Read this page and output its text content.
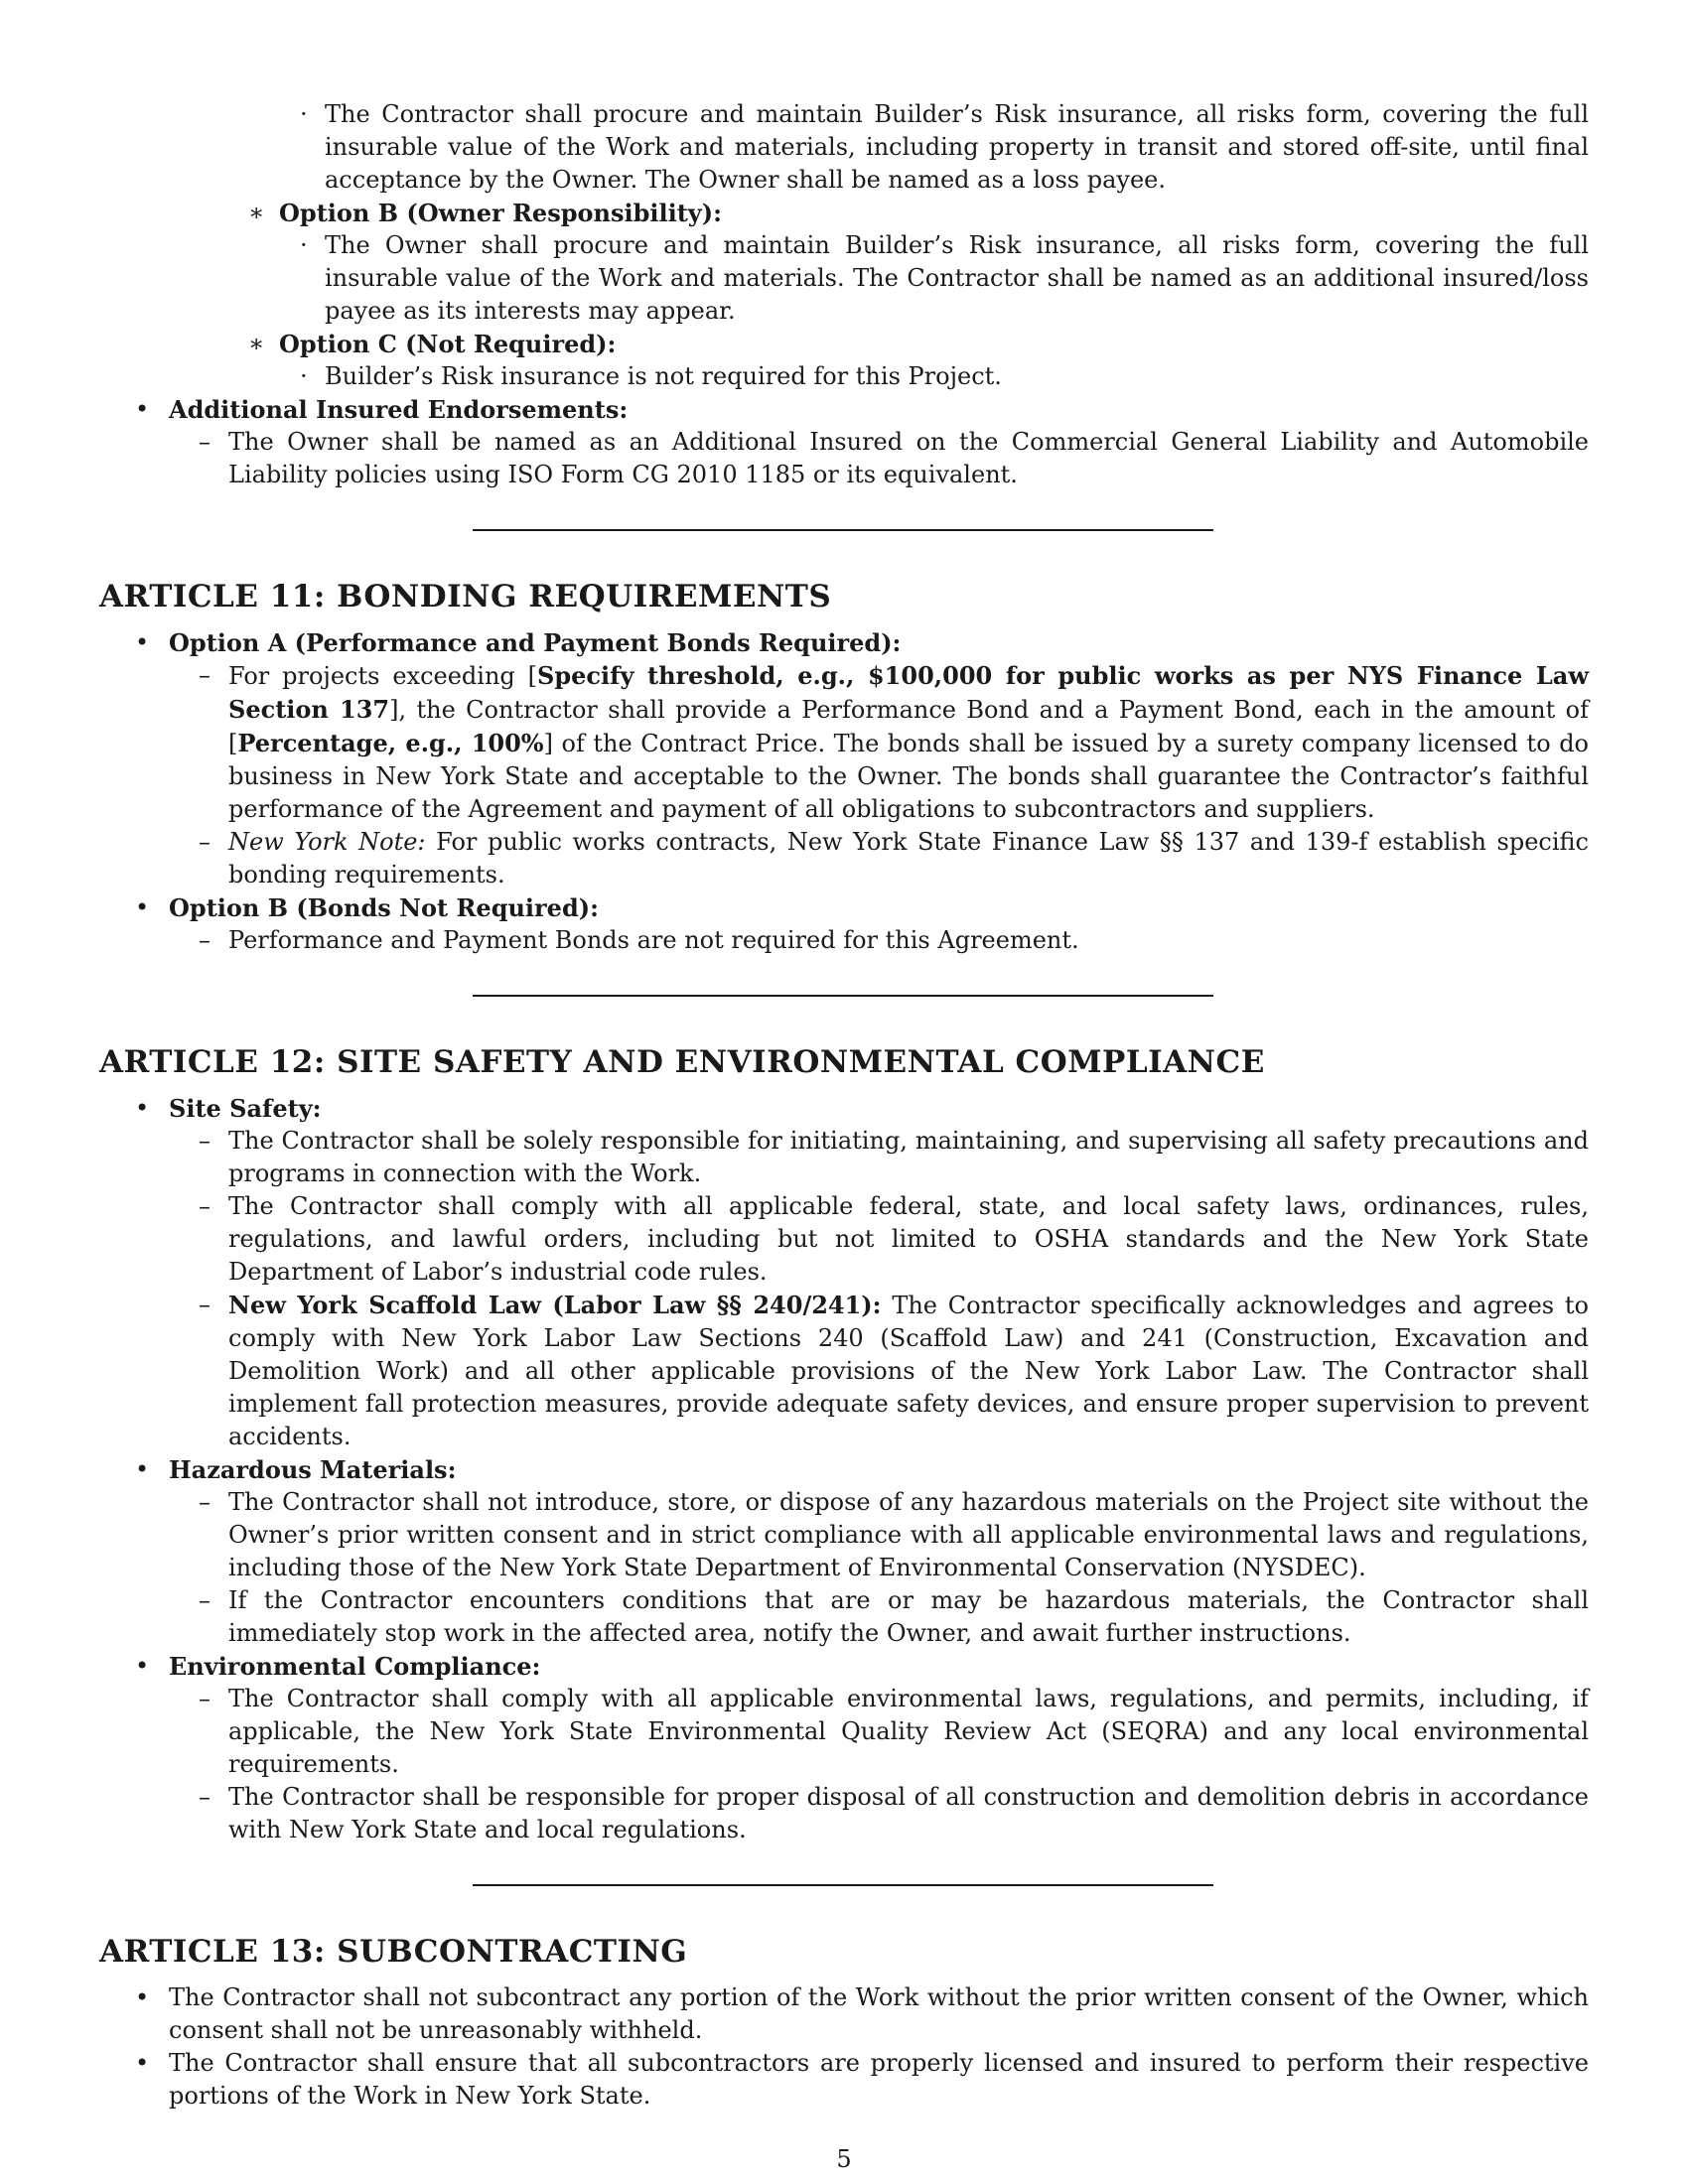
· The Contractor shall procure and maintain Builder’s Risk insurance, all risks form, covering the full insurable value of the Work and materials, including property in transit and stored off-site, until final acceptance by the Owner. The Owner shall be named as a loss payee.

∗ Option B (Owner Responsibility):

· The Owner shall procure and maintain Builder’s Risk insurance, all risks form, covering the full insurable value of the Work and materials. The Contractor shall be named as an additional insured/loss payee as its interests may appear.

∗ Option C (Not Required):

· Builder’s Risk insurance is not required for this Project.

• Additional Insured Endorsements:

– The Owner shall be named as an Additional Insured on the Commercial General Liability and Automobile Liability policies using ISO Form CG 2010 1185 or its equivalent.

ARTICLE 11: BONDING REQUIREMENTS
• Option A (Performance and Payment Bonds Required):

– For projects exceeding [Specify threshold, e.g., $100,000 for public works as per NYS Finance Law Section 137], the Contractor shall provide a Performance Bond and a Payment Bond, each in the amount of [Percentage, e.g., 100%] of the Contract Price. The bonds shall be issued by a surety company licensed to do business in New York State and acceptable to the Owner. The bonds shall guarantee the Contractor’s faithful performance of the Agreement and payment of all obligations to subcontractors and suppliers.

– New York Note: For public works contracts, New York State Finance Law §§ 137 and 139-f establish specific bonding requirements.

• Option B (Bonds Not Required):

– Performance and Payment Bonds are not required for this Agreement.

ARTICLE 12: SITE SAFETY AND ENVIRONMENTAL COMPLIANCE
• Site Safety:

– The Contractor shall be solely responsible for initiating, maintaining, and supervising all safety precautions and programs in connection with the Work.

– The Contractor shall comply with all applicable federal, state, and local safety laws, ordinances, rules, regulations, and lawful orders, including but not limited to OSHA standards and the New York State Department of Labor’s industrial code rules.

– New York Scaffold Law (Labor Law §§ 240/241): The Contractor specifically acknowledges and agrees to comply with New York Labor Law Sections 240 (Scaffold Law) and 241 (Construction, Excavation and Demolition Work) and all other applicable provisions of the New York Labor Law. The Contractor shall implement fall protection measures, provide adequate safety devices, and ensure proper supervision to prevent accidents.

• Hazardous Materials:

– The Contractor shall not introduce, store, or dispose of any hazardous materials on the Project site without the Owner’s prior written consent and in strict compliance with all applicable environmental laws and regulations, including those of the New York State Department of Environmental Conservation (NYSDEC).

– If the Contractor encounters conditions that are or may be hazardous materials, the Contractor shall immediately stop work in the affected area, notify the Owner, and await further instructions.

• Environmental Compliance:

– The Contractor shall comply with all applicable environmental laws, regulations, and permits, including, if applicable, the New York State Environmental Quality Review Act (SEQRA) and any local environmental requirements.

– The Contractor shall be responsible for proper disposal of all construction and demolition debris in accordance with New York State and local regulations.

ARTICLE 13: SUBCONTRACTING
• The Contractor shall not subcontract any portion of the Work without the prior written consent of the Owner, which consent shall not be unreasonably withheld.

• The Contractor shall ensure that all subcontractors are properly licensed and insured to perform their respective portions of the Work in New York State.

5
